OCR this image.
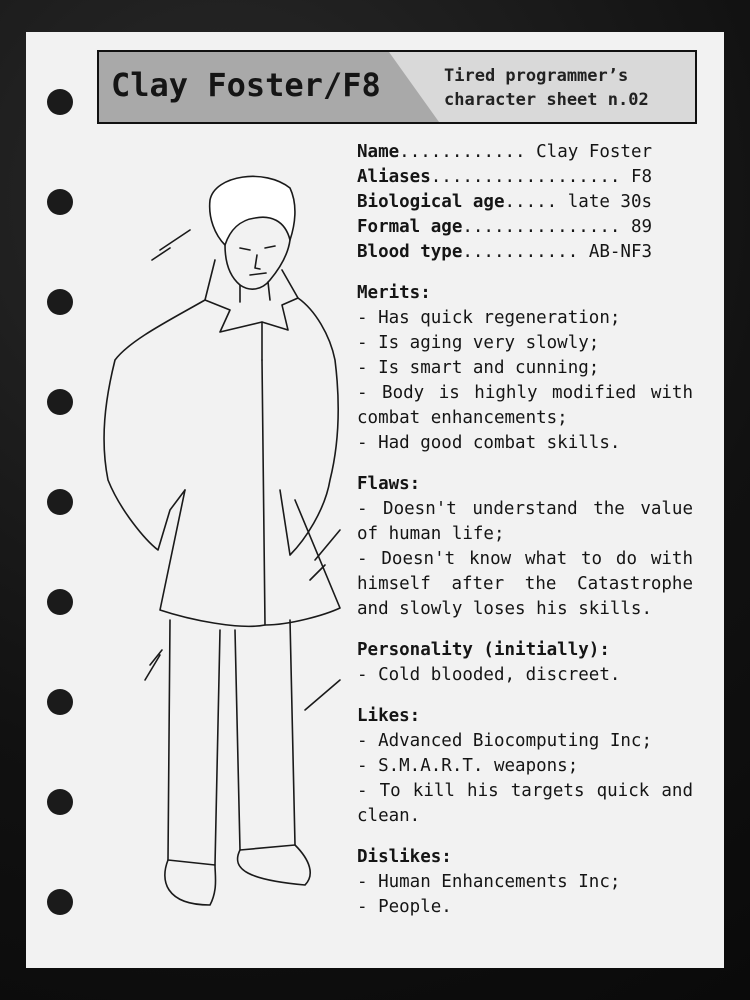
Clay Foster/F8	Tired programmer’s
character sheet n.02
Name............ Clay Foster
Aliases.................. F8
Biological age..... late 30s
Formal age............... 89
Blood type........... AB-NF3
Merits:
- Has quick regeneration;
- Is aging very slowly;
- Is smart and cunning;
- Body is highly modified with combat enhancements;
- Had good combat skills.
Flaws:
- Doesn't understand the value of human life;
- Doesn't know what to do with himself after the Catastrophe and slowly loses his skills.
Personality (initially):
- Cold blooded, discreet.
Likes:
- Advanced Biocomputing Inc;
- S.M.A.R.T. weapons;
- To kill his targets quick and clean.
Dislikes:
- Human Enhancements Inc;
- People.
